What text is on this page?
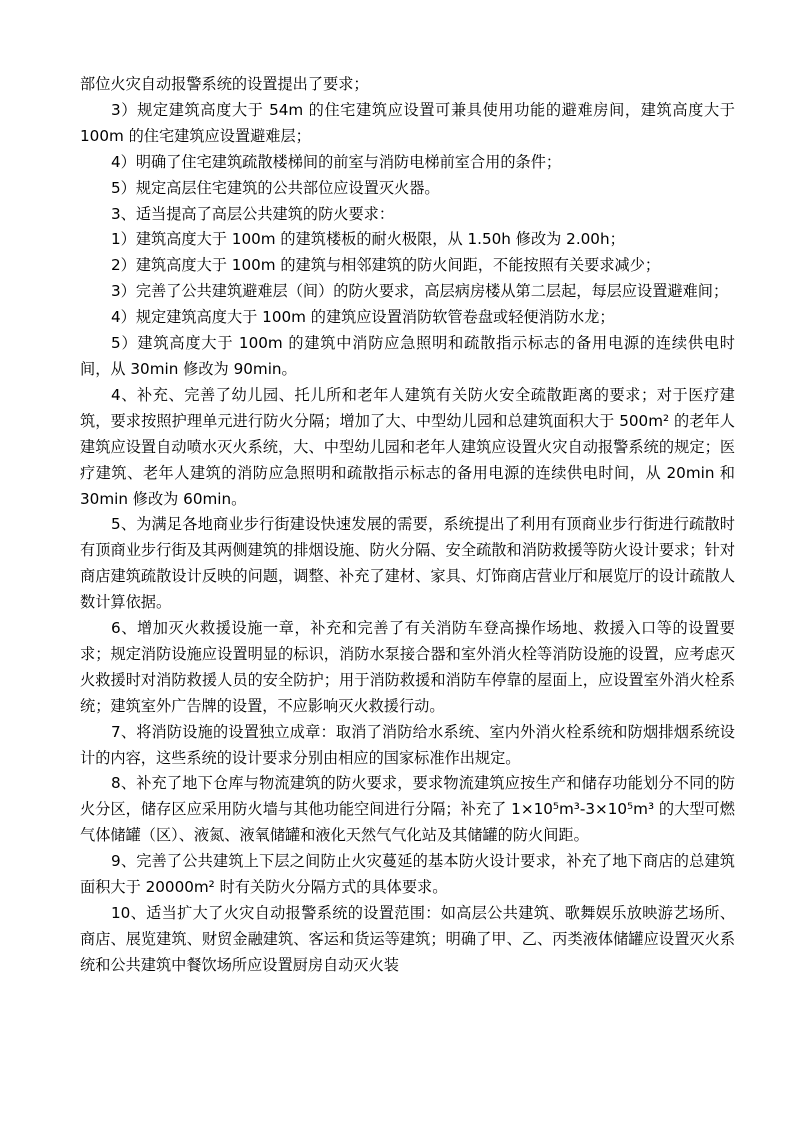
部位火灾自动报警系统的设置提出了要求；

3）规定建筑高度大于 54m 的住宅建筑应设置可兼具使用功能的避难房间，建筑高度大于 100m 的住宅建筑应设置避难层；

4）明确了住宅建筑疏散楼梯间的前室与消防电梯前室合用的条件；

5）规定高层住宅建筑的公共部位应设置灭火器。

3、适当提高了高层公共建筑的防火要求：

1）建筑高度大于 100m 的建筑楼板的耐火极限，从 1.50h 修改为 2.00h；

2）建筑高度大于 100m 的建筑与相邻建筑的防火间距，不能按照有关要求减少；

3）完善了公共建筑避难层（间）的防火要求，高层病房楼从第二层起，每层应设置避难间；

4）规定建筑高度大于 100m 的建筑应设置消防软管卷盘或轻便消防水龙；

5）建筑高度大于 100m 的建筑中消防应急照明和疏散指示标志的备用电源的连续供电时间，从 30min 修改为 90min。

4、补充、完善了幼儿园、托儿所和老年人建筑有关防火安全疏散距离的要求；对于医疗建筑，要求按照护理单元进行防火分隔；增加了大、中型幼儿园和总建筑面积大于 500m² 的老年人建筑应设置自动喷水灭火系统，大、中型幼儿园和老年人建筑应设置火灾自动报警系统的规定；医疗建筑、老年人建筑的消防应急照明和疏散指示标志的备用电源的连续供电时间，从 20min 和 30min 修改为 60min。

5、为满足各地商业步行街建设快速发展的需要，系统提出了利用有顶商业步行街进行疏散时有顶商业步行街及其两侧建筑的排烟设施、防火分隔、安全疏散和消防救援等防火设计要求；针对商店建筑疏散设计反映的问题，调整、补充了建材、家具、灯饰商店营业厅和展览厅的设计疏散人数计算依据。

6、增加灭火救援设施一章，补充和完善了有关消防车登高操作场地、救援入口等的设置要求；规定消防设施应设置明显的标识，消防水泵接合器和室外消火栓等消防设施的设置，应考虑灭火救援时对消防救援人员的安全防护；用于消防救援和消防车停靠的屋面上，应设置室外消火栓系统；建筑室外广告牌的设置，不应影响灭火救援行动。

7、将消防设施的设置独立成章：取消了消防给水系统、室内外消火栓系统和防烟排烟系统设计的内容，这些系统的设计要求分别由相应的国家标准作出规定。

8、补充了地下仓库与物流建筑的防火要求，要求物流建筑应按生产和储存功能划分不同的防火分区，储存区应采用防火墙与其他功能空间进行分隔；补充了 1×10⁵m³-3×10⁵m³ 的大型可燃气体储罐（区）、液氮、液氧储罐和液化天然气气化站及其储罐的防火间距。

9、完善了公共建筑上下层之间防止火灾蔓延的基本防火设计要求，补充了地下商店的总建筑面积大于 20000m² 时有关防火分隔方式的具体要求。

10、适当扩大了火灾自动报警系统的设置范围：如高层公共建筑、歌舞娱乐放映游艺场所、商店、展览建筑、财贸金融建筑、客运和货运等建筑；明确了甲、乙、丙类液体储罐应设置灭火系统和公共建筑中餐饮场所应设置厨房自动灭火装
